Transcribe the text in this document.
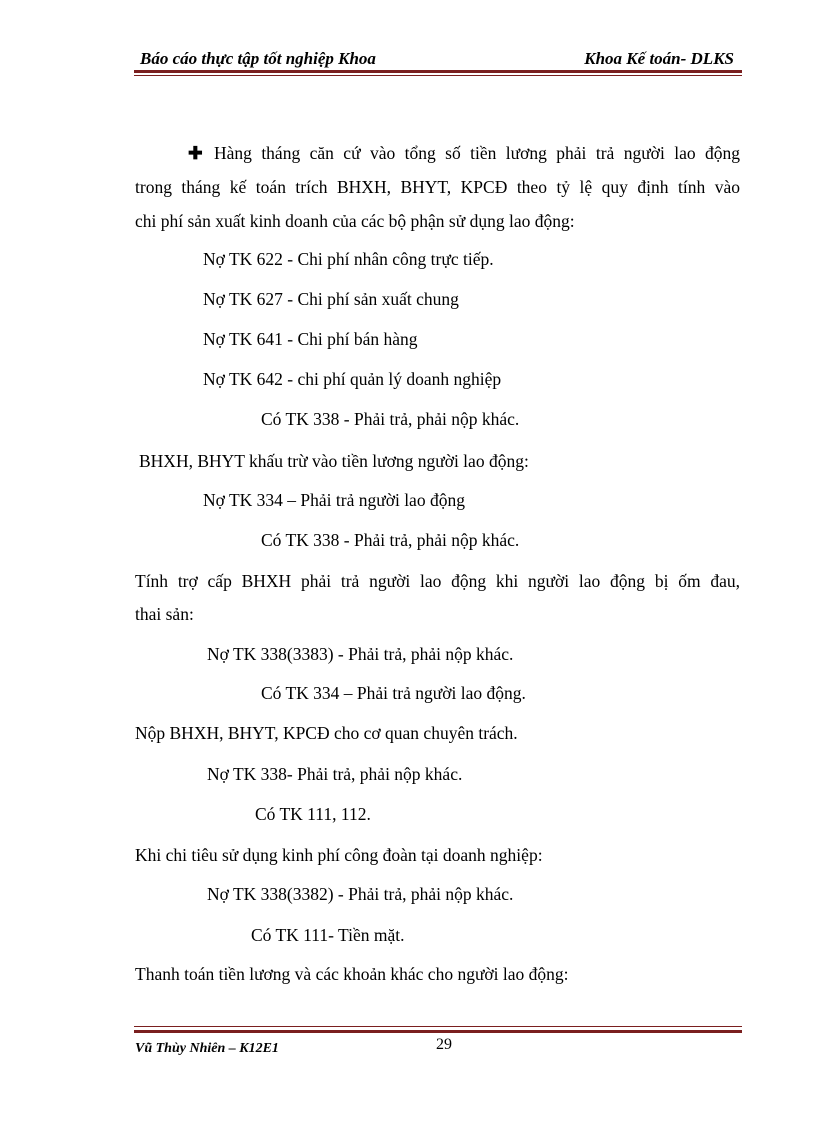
Báo cáo thực tập tốt nghiệp Khoa	Khoa Kế toán- DLKS
✚ Hàng tháng căn cứ vào tổng số tiền lương phải trả người lao động
trong tháng kế toán trích BHXH, BHYT, KPCĐ theo tỷ lệ quy định tính vào
chi phí sản xuất kinh doanh của các bộ phận sử dụng lao động:
Nợ TK 622 - Chi phí nhân công trực tiếp.
Nợ TK 627 - Chi phí sản xuất chung
Nợ TK 641 - Chi phí bán hàng
Nợ TK 642 - chi phí quản lý doanh nghiệp
Có TK 338 - Phải trả, phải nộp khác.
BHXH, BHYT khấu trừ vào tiền lương người lao động:
Nợ TK 334 – Phải trả người lao động
Có TK 338 - Phải trả, phải nộp khác.
Tính trợ cấp BHXH phải trả người lao động khi người lao động bị ốm đau,
thai sản:
Nợ TK 338(3383) - Phải trả, phải nộp khác.
Có TK 334 – Phải trả người lao động.
Nộp BHXH, BHYT, KPCĐ cho cơ quan chuyên trách.
Nợ TK 338- Phải trả, phải nộp khác.
Có TK 111, 112.
Khi chi tiêu sử dụng kinh phí công đoàn tại doanh nghiệp:
Nợ TK 338(3382) - Phải trả, phải nộp khác.
Có TK 111- Tiền mặt.
Thanh toán tiền lương và các khoản khác cho người lao động:
Vũ Thùy Nhiên – K12E1	29
